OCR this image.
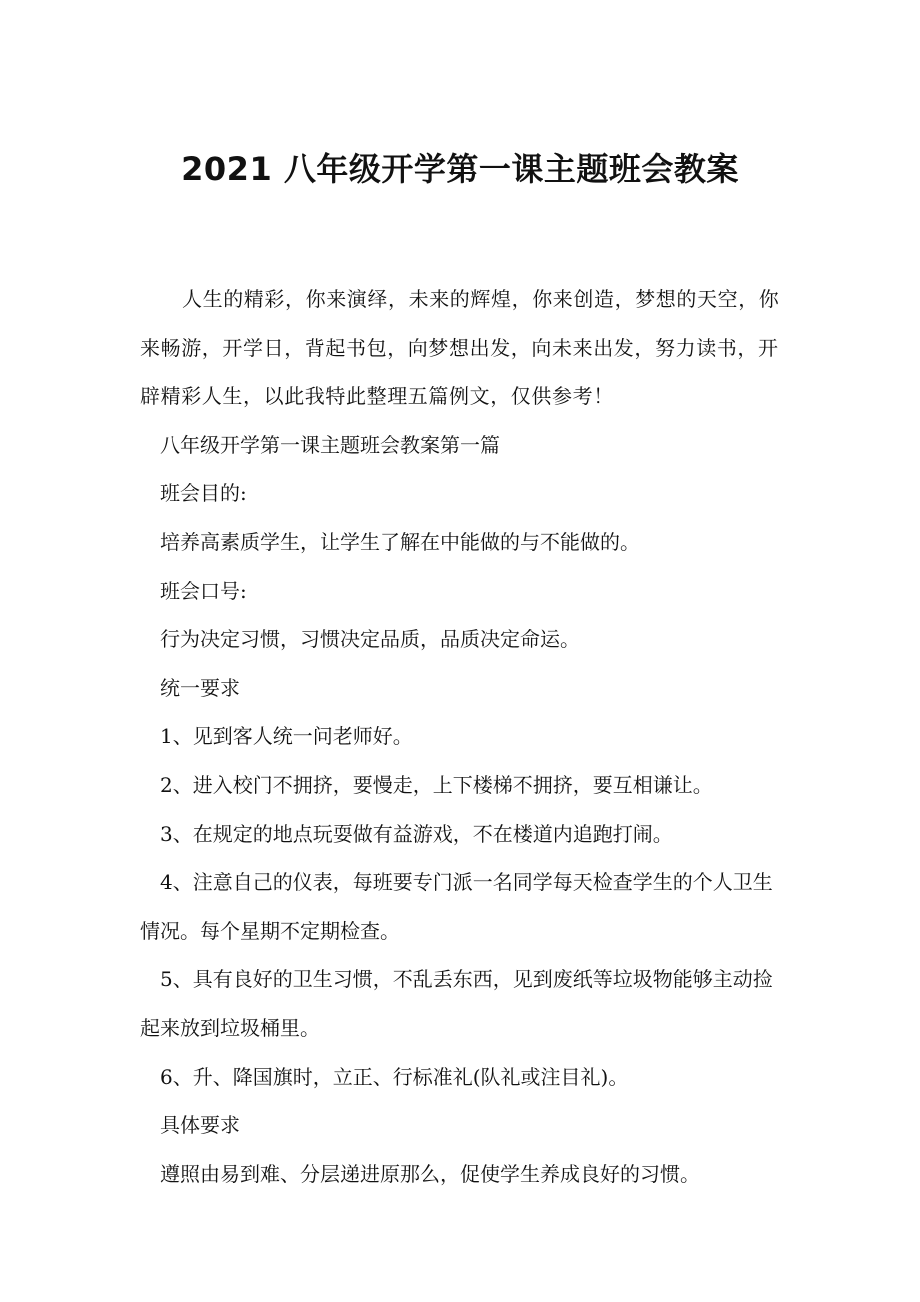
2021 八年级开学第一课主题班会教案

人生的精彩，你来演绎，未来的辉煌，你来创造，梦想的天空，你来畅游，开学日，背起书包，向梦想出发，向未来出发，努力读书，开辟精彩人生，以此我特此整理五篇例文，仅供参考！

八年级开学第一课主题班会教案第一篇

班会目的:

培养高素质学生，让学生了解在中能做的与不能做的。

班会口号:

行为决定习惯，习惯决定品质，品质决定命运。

统一要求

1、见到客人统一问老师好。

2、进入校门不拥挤，要慢走，上下楼梯不拥挤，要互相谦让。

3、在规定的地点玩耍做有益游戏，不在楼道内追跑打闹。

4、注意自己的仪表，每班要专门派一名同学每天检查学生的个人卫生情况。每个星期不定期检查。

5、具有良好的卫生习惯，不乱丢东西，见到废纸等垃圾物能够主动捡起来放到垃圾桶里。

6、升、降国旗时，立正、行标准礼(队礼或注目礼)。

具体要求

遵照由易到难、分层递进原那么，促使学生养成良好的习惯。
